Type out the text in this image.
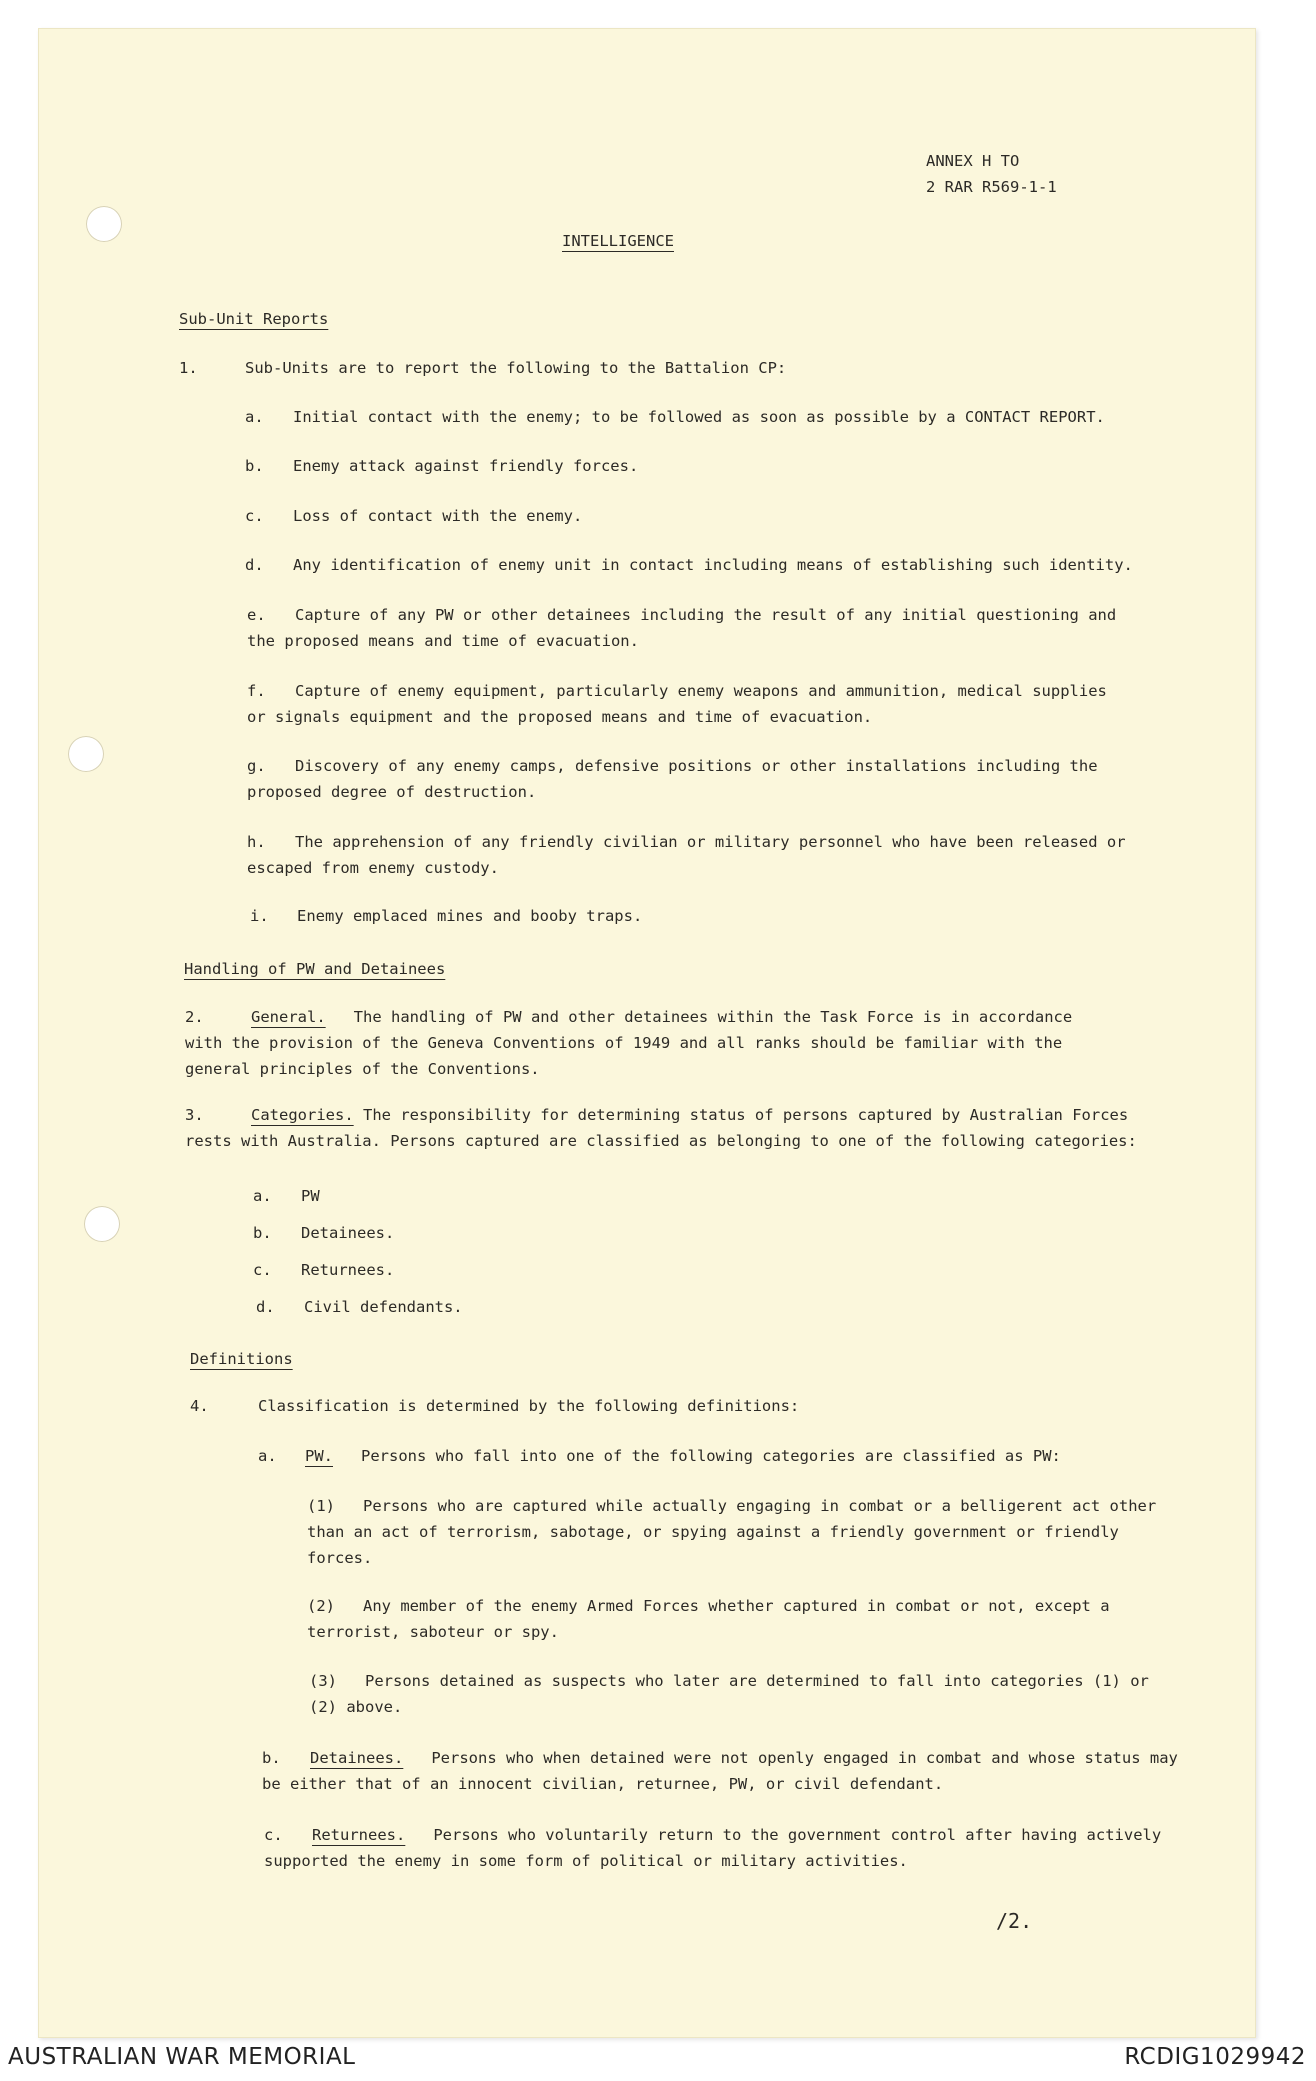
ANNEX H TO

2 RAR R569-1-1

INTELLIGENCE

Sub-Unit Reports

1.	Sub-Units are to report the following to the Battalion CP:

a. Initial contact with the enemy; to be followed as soon as possible by a CONTACT REPORT.

b. Enemy attack against friendly forces.

c. Loss of contact with the enemy.

d. Any identification of enemy unit in contact including means of establishing such identity.

e. Capture of any PW or other detainees including the result of any initial questioning and the proposed means and time of evacuation.

f. Capture of enemy equipment, particularly enemy weapons and ammunition, medical supplies or signals equipment and the proposed means and time of evacuation.

g. Discovery of any enemy camps, defensive positions or other installations including the proposed degree of destruction.

h. The apprehension of any friendly civilian or military personnel who have been released or escaped from enemy custody.

i. Enemy emplaced mines and booby traps.

Handling of PW and Detainees

2.	General. The handling of PW and other detainees within the Task Force is in accordance with the provision of the Geneva Conventions of 1949 and all ranks should be familiar with the general principles of the Conventions.

3.	Categories. The responsibility for determining status of persons captured by Australian Forces rests with Australia. Persons captured are classified as belonging to one of the following categories:

a. PW

b. Detainees.

c. Returnees.

d. Civil defendants.

Definitions

4.	Classification is determined by the following definitions:

a. PW. Persons who fall into one of the following categories are classified as PW:

(1) Persons who are captured while actually engaging in combat or a belligerent act other than an act of terrorism, sabotage, or spying against a friendly government or friendly forces.

(2) Any member of the enemy Armed Forces whether captured in combat or not, except a terrorist, saboteur or spy.

(3) Persons detained as suspects who later are determined to fall into categories (1) or (2) above.

b. Detainees. Persons who when detained were not openly engaged in combat and whose status may be either that of an innocent civilian, returnee, PW, or civil defendant.

c. Returnees. Persons who voluntarily return to the government control after having actively supported the enemy in some form of political or military activities.

/2.

AUSTRALIAN WAR MEMORIAL	RCDIG1029942
